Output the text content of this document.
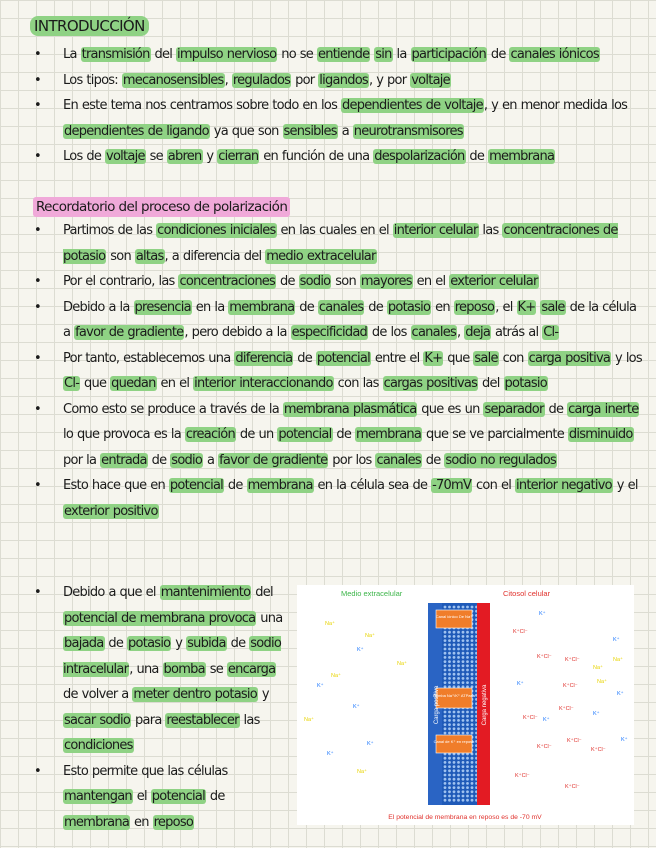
INTRODUCCIÓN
• La transmisión del impulso nervioso no se entiende sin la participación de canales iónicos
• Los tipos: mecanosensibles, regulados por ligandos, y por voltaje
• En este tema nos centramos sobre todo en los dependientes de voltaje, y en menor medida los dependientes de ligando ya que son sensibles a neurotransmisores
• Los de voltaje se abren y cierran en función de una despolarización de membrana
Recordatorio del proceso de polarización
• Partimos de las condiciones iniciales en las cuales en el interior celular las concentraciones de potasio son altas, a diferencia del medio extracelular
• Por el contrario, las concentraciones de sodio son mayores en el exterior celular
• Debido a la presencia en la membrana de canales de potasio en reposo, el K+ sale de la célula a favor de gradiente, pero debido a la especificidad de los canales, deja atrás al Cl-
• Por tanto, establecemos una diferencia de potencial entre el K+ que sale con carga positiva y los Cl- que quedan en el interior interaccionando con las cargas positivas del potasio
• Como esto se produce a través de la membrana plasmática que es un separador de carga inerte lo que provoca es la creación de un potencial de membrana que se ve parcialmente disminuido por la entrada de sodio a favor de gradiente por los canales de sodio no regulados
• Esto hace que en potencial de membrana en la célula sea de -70mV con el interior negativo y el exterior positivo
• Debido a que el mantenimiento del potencial de membrana provoca una bajada de potasio y subida de sodio intracelular, una bomba se encarga de volver a meter dentro potasio y sacar sodio para reestablecer las condiciones
• Esto permite que las células mantengan el potencial de membrana en reposo
Medio extracelular	Citosol celular
Canal iónico De Na⁺
Bomba Na⁺/K⁺ ATPasa
Canal de K⁺ en reposo
Carga positiva	Carga negativa
Na⁺
Na⁺
Na⁺
Na⁺
Na⁺
Na⁺
Na⁺
Na⁺
Na⁺
K⁺
K⁺
K⁺
K⁺
K⁺
K⁺
K⁺
K⁺
K⁺
K⁺
K⁺
K⁺
K⁺Cl⁻
K⁺Cl⁻ K⁺Cl⁻
K⁺Cl⁻
K⁺Cl⁻
K⁺Cl⁻
K⁺Cl⁻	K⁺Cl⁻
K⁺Cl⁻
K⁺Cl⁻
K⁺Cl⁻
El potencial de membrana en reposo es de -70 mV
